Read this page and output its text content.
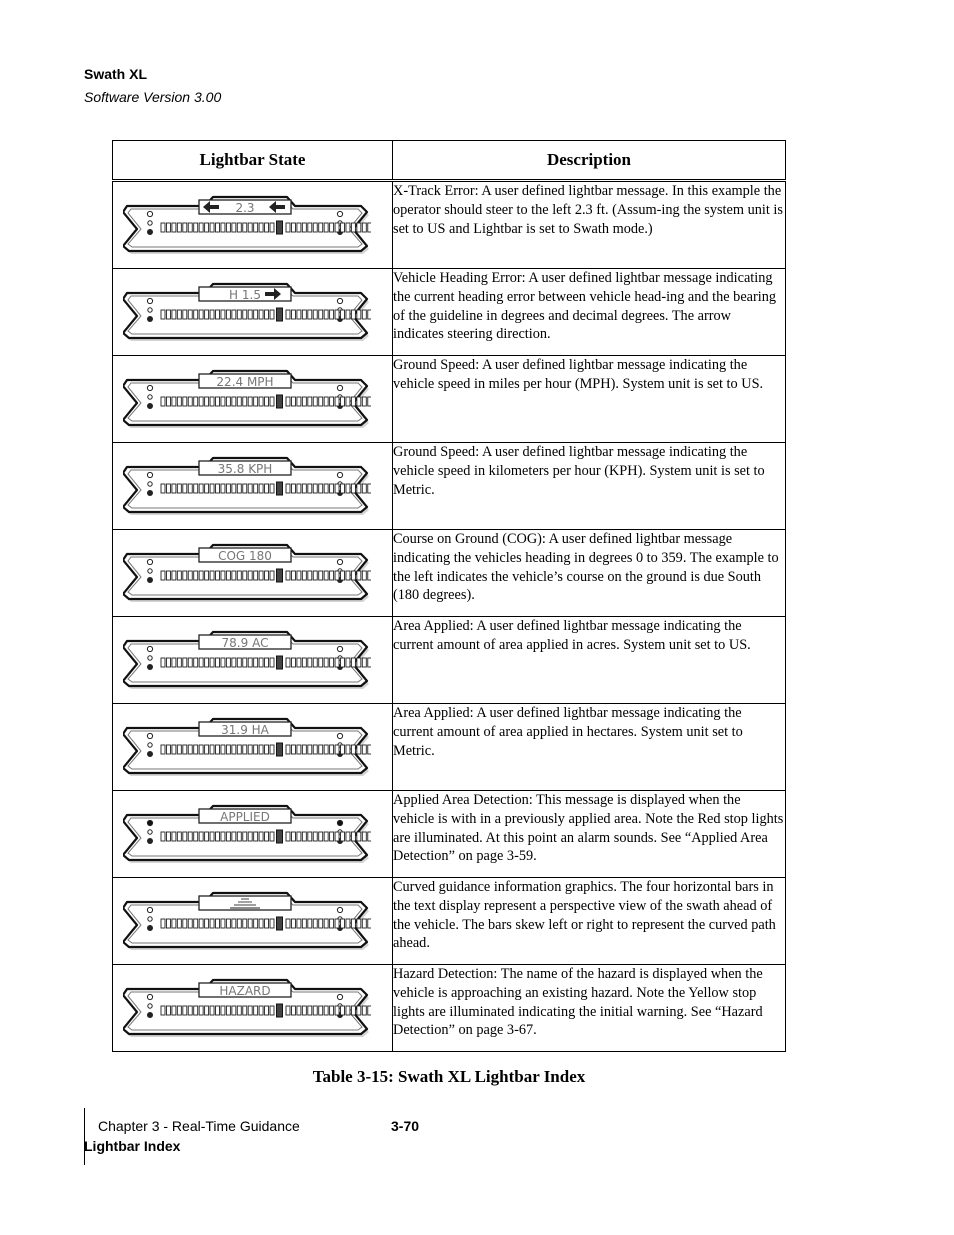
Swath XL
Software Version 3.00
Lightbar State	Description

2.3	X-Track Error: A user defined lightbar message. In this example the operator should steer to the left 2.3 ft. (Assum-ing the system unit is set to US and Lightbar is set to Swath mode.)

H 1.5	Vehicle Heading Error: A user defined lightbar message indicating the current heading error between vehicle head-ing and the bearing of the guideline in degrees and decimal degrees. The arrow indicates steering direction.

22.4 MPH	Ground Speed: A user defined lightbar message indicating the vehicle speed in miles per hour (MPH). System unit is set to US.

35.8 KPH	Ground Speed: A user defined lightbar message indicating the vehicle speed in kilometers per hour (KPH). System unit is set to Metric.

COG 180	Course on Ground (COG): A user defined lightbar message indicating the vehicles heading in degrees 0 to 359. The example to the left indicates the vehicle’s course on the ground is due South (180 degrees).

78.9 AC	Area Applied: A user defined lightbar message indicating the current amount of area applied in acres. System unit set to US.

31.9 HA	Area Applied: A user defined lightbar message indicating the current amount of area applied in hectares. System unit set to Metric.

APPLIED	Applied Area Detection: This message is displayed when the vehicle is with in a previously applied area. Note the Red stop lights are illuminated. At this point an alarm sounds. See “Applied Area Detection” on page 3-59.

	Curved guidance information graphics. The four horizontal bars in the text display represent a perspective view of the swath ahead of the vehicle. The bars skew left or right to represent the curved path ahead.

HAZARD	Hazard Detection: The name of the hazard is displayed when the vehicle is approaching an existing hazard. Note the Yellow stop lights are illuminated indicating the initial warning. See “Hazard Detection” on page 3-67.
Table 3-15: Swath XL Lightbar Index
Chapter 3 - Real-Time Guidance
Lightbar Index
3-70
